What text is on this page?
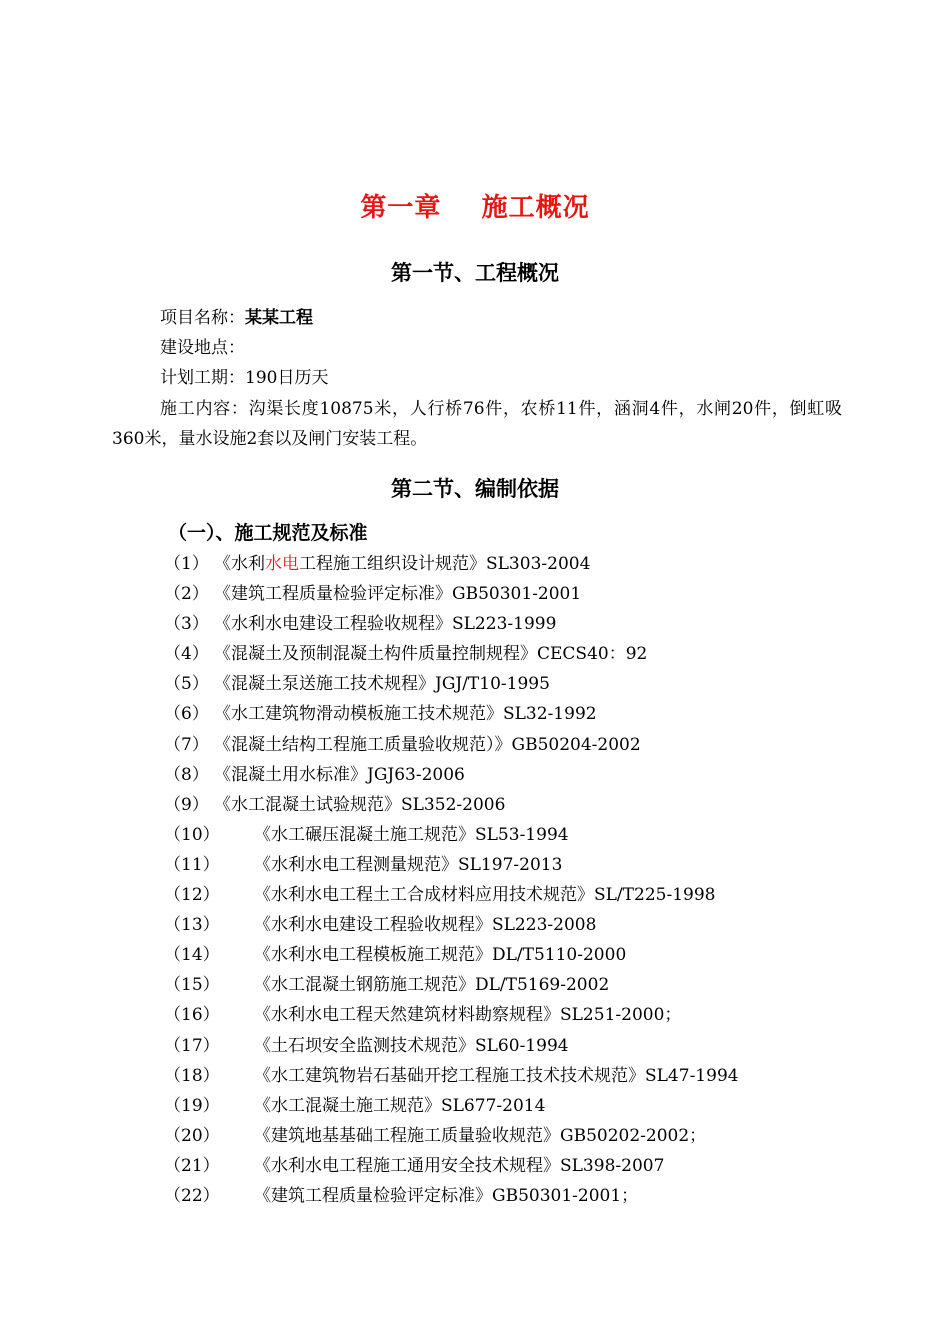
第一章    施工概况
第一节、工程概况
项目名称：某某工程
建设地点：
计划工期：190日历天
施工内容：沟渠长度10875米，人行桥76件，农桥11件，涵洞4件，水闸20件，倒虹吸360米，量水设施2套以及闸门安装工程。
第二节、编制依据
（一）、施工规范及标准
（1） 《水利水电工程施工组织设计规范》SL303-2004
（2） 《建筑工程质量检验评定标准》GB50301-2001
（3） 《水利水电建设工程验收规程》SL223-1999
（4） 《混凝土及预制混凝土构件质量控制规程》CECS40：92
（5） 《混凝土泵送施工技术规程》JGJ/T10-1995
（6） 《水工建筑物滑动模板施工技术规范》SL32-1992
（7） 《混凝土结构工程施工质量验收规范）》GB50204-2002
（8） 《混凝土用水标准》JGJ63-2006
（9） 《水工混凝土试验规范》SL352-2006
（10） 《水工碾压混凝土施工规范》SL53-1994
（11） 《水利水电工程测量规范》SL197-2013
（12） 《水利水电工程土工合成材料应用技术规范》SL/T225-1998
（13） 《水利水电建设工程验收规程》SL223-2008
（14） 《水利水电工程模板施工规范》DL/T5110-2000
（15） 《水工混凝土钢筋施工规范》DL/T5169-2002
（16） 《水利水电工程天然建筑材料勘察规程》SL251-2000；
（17） 《土石坝安全监测技术规范》SL60-1994
（18） 《水工建筑物岩石基础开挖工程施工技术技术规范》SL47-1994
（19） 《水工混凝土施工规范》SL677-2014
（20） 《建筑地基基础工程施工质量验收规范》GB50202-2002；
（21） 《水利水电工程施工通用安全技术规程》SL398-2007
（22） 《建筑工程质量检验评定标准》GB50301-2001；
